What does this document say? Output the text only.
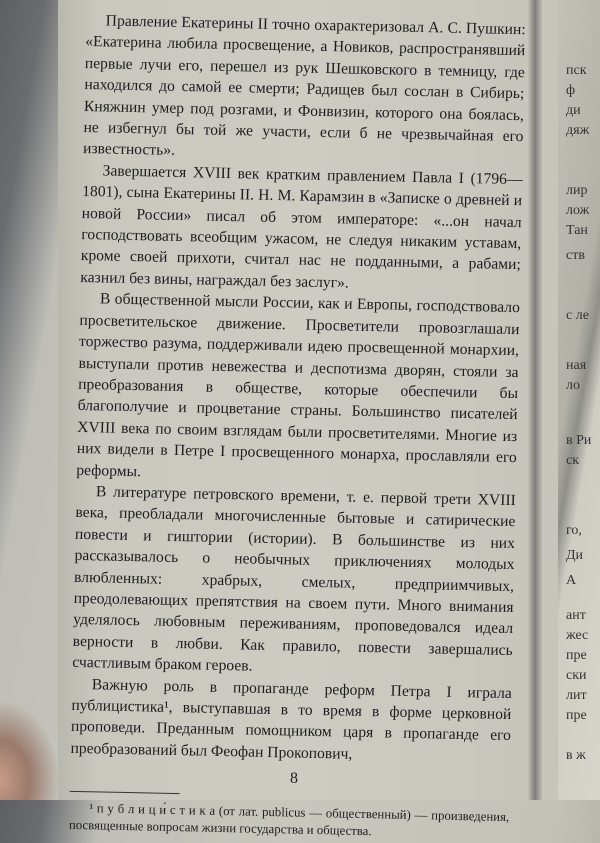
Правление Екатерины II точно охарактеризовал А. С. Пушкин: «Екатерина любила просвещение, а Новиков, распространявший первые лучи его, перешел из рук Шешковского в темницу, где находился до самой ее смерти; Радищев был сослан в Сибирь; Княжнин умер под розгами, и Фонвизин, которого она боялась, не избегнул бы той же участи, если б не чрезвычайная его известность».

Завершается XVIII век кратким правлением Павла I (1796—1801), сына Екатерины II. Н. М. Карамзин в «Записке о древней и новой России» писал об этом императоре: «...он начал господствовать всеобщим ужасом, не следуя никаким уставам, кроме своей прихоти, считал нас не подданными, а рабами; казнил без вины, награждал без заслуг».

В общественной мысли России, как и Европы, господствовало просветительское движение. Просветители провозглашали торжество разума, поддерживали идею просвещенной монархии, выступали против невежества и деспотизма дворян, стояли за преобразования в обществе, которые обеспечили бы благополучие и процветание страны. Большинство писателей XVIII века по своим взглядам были просветителями. Многие из них видели в Петре I просвещенного монарха, прославляли его реформы.

В литературе петровского времени, т. е. первой трети XVIII века, преобладали многочисленные бытовые и сатирические повести и гиштории (истории). В большинстве из них рассказывалось о необычных приключениях молодых влюбленных: храбрых, смелых, предприимчивых, преодолевающих препятствия на своем пути. Много внимания уделялось любовным переживаниям, проповедовался идеал верности в любви. Как правило, повести завершались счастливым браком героев.

Важную роль в пропаганде реформ Петра I играла публицистика¹, выступавшая в то время в форме церковной проповеди. Преданным помощником царя в пропаганде его преобразований был Феофан Прокопович,

¹ п у б л и ц и́ с т и к а (от лат. publicus — общественный) — произведения, посвященные вопросам жизни государства и общества.

8
пск
ф
ди
дяж
лир
лож
Тан
ств
с ле
ная
ло
в Ри
ск
го,
Ди
А
ант
жес
пре
ски
лит
пре
в ж
